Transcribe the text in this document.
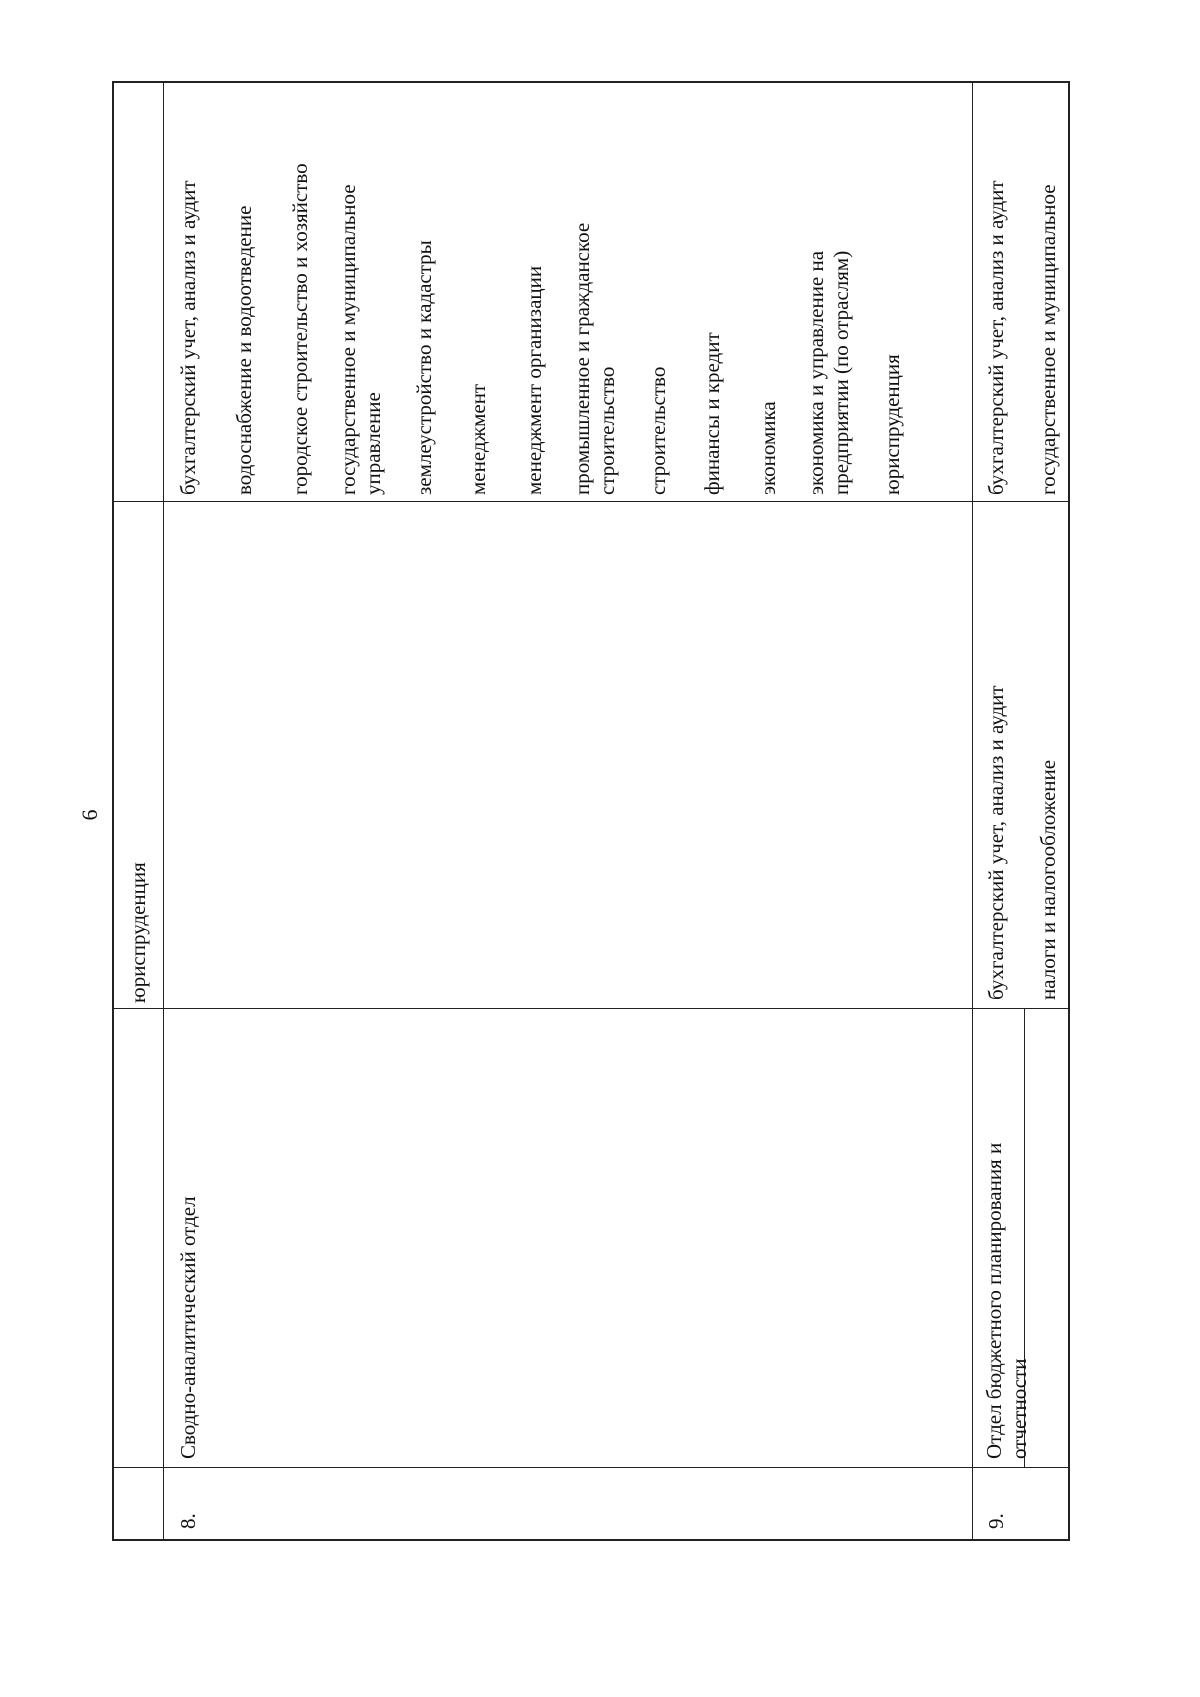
6
юриспруденция
8.
Сводно-аналитический отдел
бухгалтерский учет, анализ и аудит водоснабжение и водоотведение городское строительство и хозяйство государственное и муниципальное управление землеустройство и кадастры менеджмент менеджмент организации промышленное и гражданское строительство строительство финансы и кредит экономика экономика и управление на предприятии (по отраслям) юриспруденция
9.
Отдел бюджетного планирования и отчетности
бухгалтерский учет, анализ и аудит налоги и налогообложение
бухгалтерский учет, анализ и аудит государственное и муниципальное
